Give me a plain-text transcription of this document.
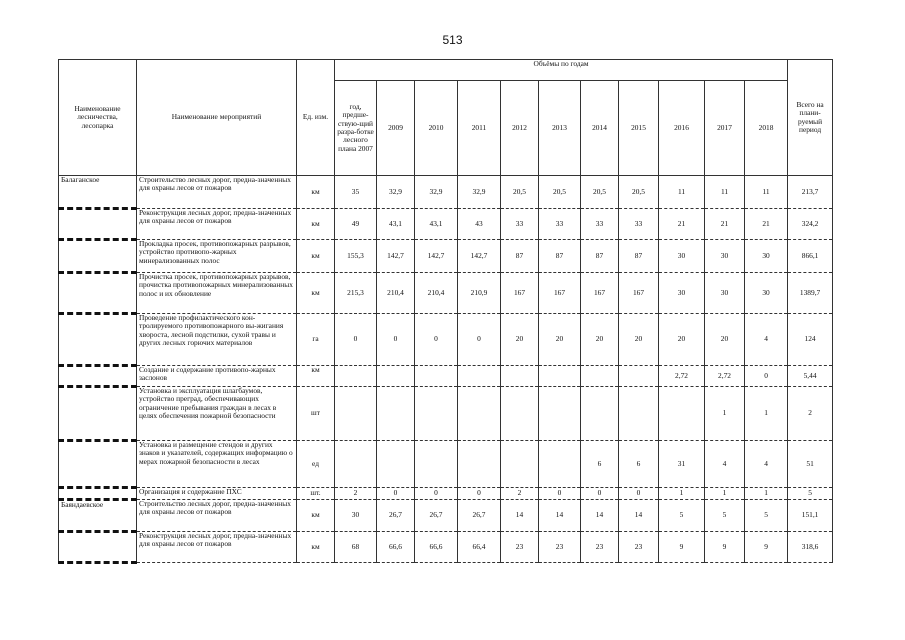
513
Наименование лесничества, лесопарка	Наименование мероприятий	Ед. изм.	Объёмы по годам											Всего на плани-руемый период
			год, предше-ствую-щий разра-ботке лесного плана 2007	2009	2010	2011	2012	2013	2014	2015	2016	2017	2018	
Балаганское	Строительство лесных дорог, предна-значенных для охраны лесов от пожаров	км	35	32,9	32,9	32,9	20,5	20,5	20,5	20,5	11	11	11	213,7
	Реконструкция лесных дорог, предна-значенных для охраны лесов от пожаров	км	49	43,1	43,1	43	33	33	33	33	21	21	21	324,2
	Прокладка просек, противопожарных разрывов, устройство противопо-жарных минерализованных полос	км	155,3	142,7	142,7	142,7	87	87	87	87	30	30	30	866,1
	Прочистка просек, противопожарных разрывов, прочистка противопожарных минерализованных полос и их обновление	км	215,3	210,4	210,4	210,9	167	167	167	167	30	30	30	1389,7
	Проведение профилактического кон-тролируемого противопожарного вы-жигания хвороста, лесной подстилки, сухой травы и других лесных горючих материалов	га	0	0	0	0	20	20	20	20	20	20	4	124
	Создание и содержание противопо-жарных заслонов	км									2,72	2,72	0	5,44
	Установка и эксплуатация шлагбаумов, устройство преград, обеспечивающих ограничение пребывания граждан в лесах в целях обеспечения пожарной безопасности	шт										1	1	2
	Установка и размещение стендов и других знаков и указателей, содержащих информацию о мерах пожарной безопасности в лесах	ед							6	6	31	4	4	51
	Организация и содержание ПХС	шт.	2	0	0	0	2	0	0	0	1	1	1	5
Баяндаевское	Строительство лесных дорог, предна-значенных для охраны лесов от пожаров	км	30	26,7	26,7	26,7	14	14	14	14	5	5	5	151,1
	Реконструкция лесных дорог, предна-значенных для охраны лесов от пожаров	км	68	66,6	66,6	66,4	23	23	23	23	9	9	9	318,6
